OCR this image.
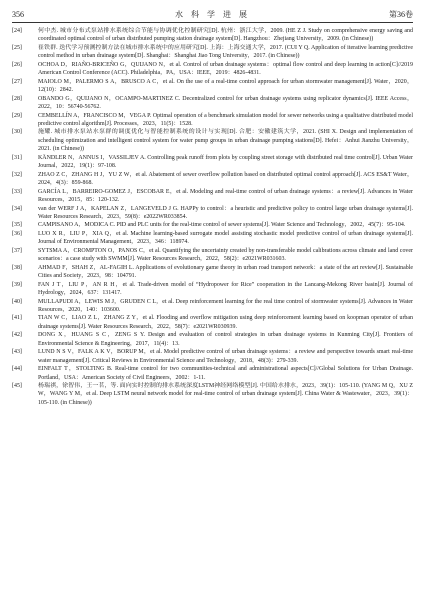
356	水 科 学 进 展	第36卷
[24]	何中杰. 城市分布式泵站排水系统综合节能与协调优化控制研究[D]. 杭州：浙江大学，2009. (HE Z J. Study on comprehensive energy saving and coordinated optimal control of urban distributed pumping station drainage system[D]. Hangzhou：Zhejiang University，2009. (in Chinese))
[25]	崔铁群. 迭代学习预测控制方法在城市排水系统中的应用研究[D]. 上海：上海交通大学，2017. (CUI Y Q. Application of iterative learning predictive control method in urban drainage system[D]. Shanghai：Shanghai Jiao Tong University，2017. (in Chinese))
[26]	OCHOA D，RIAÑO-BRICEÑO G，QUIJANO N，et al. Control of urban drainage systems：optimal flow control and deep learning in action[C]//2019 American Control Conference (ACC). Philadelphia，PA，USA：IEEE，2019：4826-4831.
[27]	MAIOLO M，PALERMO S A，BRUSCO A C，et al. On the use of a real-time control approach for urban stormwater management[J]. Water，2020，12(10)：2842.
[28]	OBANDO G，QUIJANO N，OCAMPO-MARTINEZ C. Decentralized control for urban drainage systems using replicator dynamics[J]. IEEE Access，2022，10：56740-56762.
[29]	CEMBELLÍN A，FRANCISCO M，VEGA P. Optimal operation of a benchmark simulation model for sewer networks using a qualitative distributed model predictive control algorithm[J]. Processes，2023，11(5)：1528.
[30]	施耀. 城市排水泵站水泵群的调度优化与智能控制系统的设计与实现[D]. 合肥：安徽建筑大学，2021. (SHI X. Design and implementation of scheduling optimization and intelligent control system for water pump groups in urban drainage pumping stations[D]. Hefei：Anhui Jianzhu University，2021. (in Chinese))
[31]	KÄNDLER N，ANNUS I，VASSILJEV A. Controlling peak runoff from plots by coupling street storage with distributed real time control[J]. Urban Water Journal，2022，19(1)：97-108.
[32]	ZHAO Z C，ZHANG H J，YU Z W，et al. Abatement of sewer overflow pollution based on distributed optimal control approach[J]. ACS ES&T Water，2024，4(3)：859-868.
[33]	GARCÍA L，BARREIRO-GOMEZ J，ESCOBAR E，et al. Modeling and real-time control of urban drainage systems：a review[J]. Advances in Water Resources，2015，85：120-132.
[34]	van der WERF J A，KAPELAN Z，LANGEVELD J G. HAPPy to control：a heuristic and predictive policy to control large urban drainage systems[J]. Water Resources Research，2023，59(8)：e2022WR033854.
[35]	CAMPISANO A，MODICA C. PID and PLC units for the real-time control of sewer systems[J]. Water Science and Technology，2002，45(7)：95-104.
[36]	LUO X R，LIU P，XIA Q，et al. Machine learning-based surrogate model assisting stochastic model predictive control of urban drainage systems[J]. Journal of Environmental Management，2023，346：118974.
[37]	SYTSMA A，CROMPTON O，PANOS C，et al. Quantifying the uncertainty created by non-transferable model calibrations across climate and land cover scenarios：a case study with SWMM[J]. Water Resources Research，2022，58(2)：e2021WR031603.
[38]	AHMAD F，SHAH Z，AL-FAGIH L. Applications of evolutionary game theory in urban road transport network：a state of the art review[J]. Sustainable Cities and Society，2023，98：104791.
[39]	FAN J T，LIU P，AN R H，et al. Trade-driven model of “Hydropower for Rice” cooperation in the Lancang-Mekong River basin[J]. Journal of Hydrology，2024，637：131417.
[40]	MULLAPUDI A，LEWIS M J，GRUDEN C L，et al. Deep reinforcement learning for the real time control of stormwater systems[J]. Advances in Water Resources，2020，140：103600.
[41]	TIAN W C，LIAO Z L，ZHANG Z Y，et al. Flooding and overflow mitigation using deep reinforcement learning based on koopman operator of urban drainage systems[J]. Water Resources Research，2022，58(7)：e2021WR030939.
[42]	DONG X，HUANG S C，ZENG S Y. Design and evaluation of control strategies in urban drainage systems in Kunming City[J]. Frontiers of Environmental Science & Engineering，2017，11(4)：13.
[43]	LUND N S V，FALK A K V，BORUP M，et al. Model predictive control of urban drainage systems：a review and perspective towards smart real-time water management[J]. Critical Reviews in Environmental Science and Technology，2018，48(3)：279-339.
[44]	EINFALT T，STOLTING B. Real-time control for two communities-technical and administrational aspects[C]//Global Solutions for Urban Drainage. Portland，USA：American Society of Civil Engineers，2002：1-11.
[45]	杨瑞祺，徐智伟，王一茗，等. 面向实时控制的排水系统深度LSTM神经网络模型[J]. 中国给水排水，2023，39(1)：105-110. (YANG M Q，XU Z W，WANG Y M，et al. Deep LSTM neural network model for real-time control of urban drainage system[J]. China Water & Wastewater，2023，39(1)：105-110. (in Chinese))
